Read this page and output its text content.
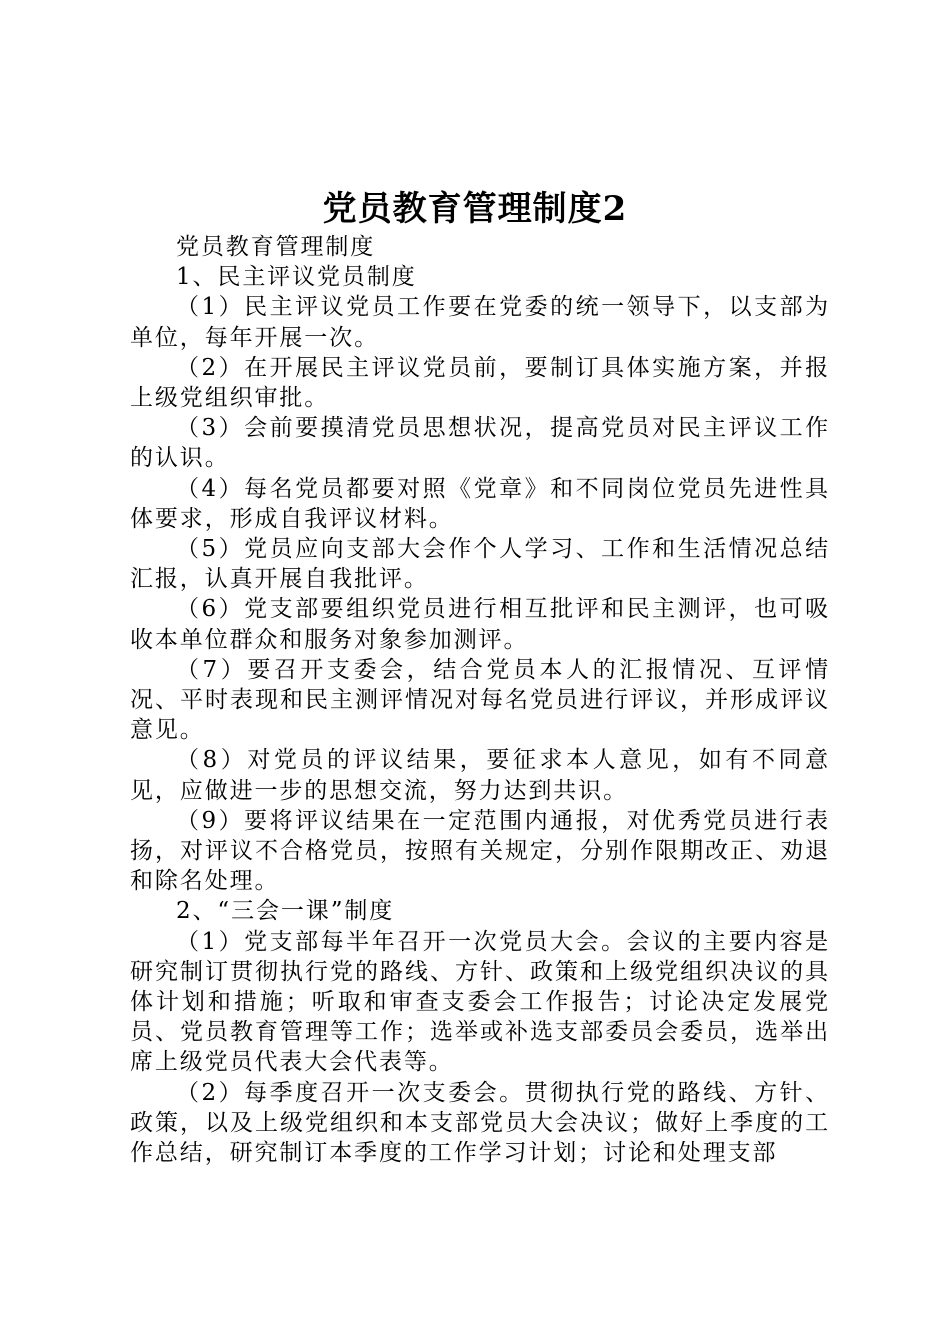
党员教育管理制度2

党员教育管理制度

1、民主评议党员制度

（1）民主评议党员工作要在党委的统一领导下，以支部为单位，每年开展一次。

（2）在开展民主评议党员前，要制订具体实施方案，并报上级党组织审批。

（3）会前要摸清党员思想状况，提高党员对民主评议工作的认识。

（4）每名党员都要对照《党章》和不同岗位党员先进性具体要求，形成自我评议材料。

（5）党员应向支部大会作个人学习、工作和生活情况总结汇报，认真开展自我批评。

（6）党支部要组织党员进行相互批评和民主测评，也可吸收本单位群众和服务对象参加测评。

（7）要召开支委会，结合党员本人的汇报情况、互评情况、平时表现和民主测评情况对每名党员进行评议，并形成评议意见。

（8）对党员的评议结果，要征求本人意见，如有不同意见，应做进一步的思想交流，努力达到共识。

（9）要将评议结果在一定范围内通报，对优秀党员进行表扬，对评议不合格党员，按照有关规定，分别作限期改正、劝退和除名处理。

2、“三会一课”制度

（1）党支部每半年召开一次党员大会。会议的主要内容是研究制订贯彻执行党的路线、方针、政策和上级党组织决议的具体计划和措施；听取和审查支委会工作报告；讨论决定发展党员、党员教育管理等工作；选举或补选支部委员会委员，选举出席上级党员代表大会代表等。

（2）每季度召开一次支委会。贯彻执行党的路线、方针、政策，以及上级党组织和本支部党员大会决议；做好上季度的工作总结，研究制订本季度的工作学习计划；讨论和处理支部
